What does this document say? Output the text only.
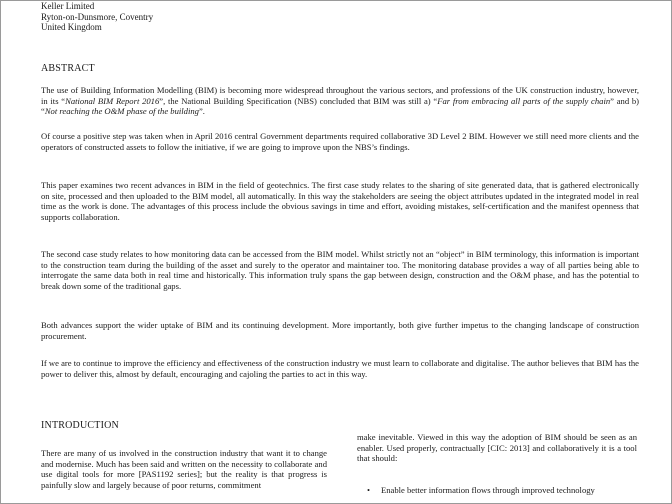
Keller Limited
Ryton-on-Dunsmore, Coventry
United Kingdom
ABSTRACT

The use of Building Information Modelling (BIM) is becoming more widespread throughout the various sectors, and professions of the UK construction industry, however, in its “National BIM Report 2016”, the National Building Specification (NBS) concluded that BIM was still a) “Far from embracing all parts of the supply chain” and b) “Not reaching the O&M phase of the building”.

Of course a positive step was taken when in April 2016 central Government departments required collaborative 3D Level 2 BIM. However we still need more clients and the operators of constructed assets to follow the initiative, if we are going to improve upon the NBS’s findings.

This paper examines two recent advances in BIM in the field of geotechnics. The first case study relates to the sharing of site generated data, that is gathered electronically on site, processed and then uploaded to the BIM model, all automatically. In this way the stakeholders are seeing the object attributes updated in the integrated model in real time as the work is done. The advantages of this process include the obvious savings in time and effort, avoiding mistakes, self-certification and the manifest openness that supports collaboration.

The second case study relates to how monitoring data can be accessed from the BIM model. Whilst strictly not an “object” in BIM terminology, this information is important to the construction team during the building of the asset and surely to the operator and maintainer too. The monitoring database provides a way of all parties being able to interrogate the same data both in real time and historically. This information truly spans the gap between design, construction and the O&M phase, and has the potential to break down some of the traditional gaps.

Both advances support the wider uptake of BIM and its continuing development. More importantly, both give further impetus to the changing landscape of construction procurement.

If we are to continue to improve the efficiency and effectiveness of the construction industry we must learn to collaborate and digitalise. The author believes that BIM has the power to deliver this, almost by default, encouraging and cajoling the parties to act in this way.

INTRODUCTION

There are many of us involved in the construction industry that want it to change and modernise. Much has been said and written on the necessity to collaborate and use digital tools for more [PAS1192 series]; but the reality is that progress is painfully slow and largely because of poor returns, commitment

make inevitable. Viewed in this way the adoption of BIM should be seen as an enabler. Used properly, contractually [CIC: 2013] and collaboratively it is a tool that should:

• Enable better information flows through improved technology
